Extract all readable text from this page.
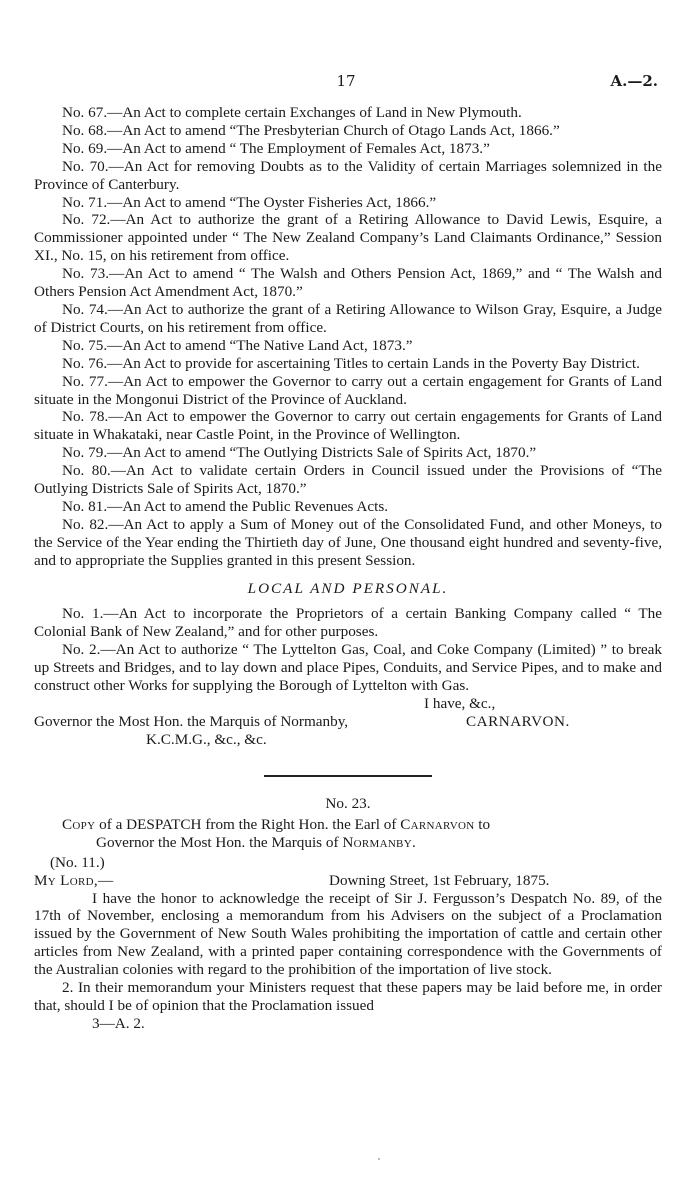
17	A.—2.

No. 67.—An Act to complete certain Exchanges of Land in New Plymouth.

No. 68.—An Act to amend “The Presbyterian Church of Otago Lands Act, 1866.”

No. 69.—An Act to amend “ The Employment of Females Act, 1873.”

No. 70.—An Act for removing Doubts as to the Validity of certain Marriages solemnized in the Province of Canterbury.

No. 71.—An Act to amend “The Oyster Fisheries Act, 1866.”

No. 72.—An Act to authorize the grant of a Retiring Allowance to David Lewis, Esquire, a Commissioner appointed under “ The New Zealand Company’s Land Claimants Ordinance,” Session XI., No. 15, on his retirement from office.

No. 73.—An Act to amend “ The Walsh and Others Pension Act, 1869,” and “ The Walsh and Others Pension Act Amendment Act, 1870.”

No. 74.—An Act to authorize the grant of a Retiring Allowance to Wilson Gray, Esquire, a Judge of District Courts, on his retirement from office.

No. 75.—An Act to amend “The Native Land Act, 1873.”

No. 76.—An Act to provide for ascertaining Titles to certain Lands in the Poverty Bay District.

No. 77.—An Act to empower the Governor to carry out a certain engagement for Grants of Land situate in the Mongonui District of the Province of Auckland.

No. 78.—An Act to empower the Governor to carry out certain engagements for Grants of Land situate in Whakataki, near Castle Point, in the Province of Wellington.

No. 79.—An Act to amend “The Outlying Districts Sale of Spirits Act, 1870.”

No. 80.—An Act to validate certain Orders in Council issued under the Provisions of “The Outlying Districts Sale of Spirits Act, 1870.”

No. 81.—An Act to amend the Public Revenues Acts.

No. 82.—An Act to apply a Sum of Money out of the Consolidated Fund, and other Moneys, to the Service of the Year ending the Thirtieth day of June, One thousand eight hundred and seventy-five, and to appropriate the Supplies granted in this present Session.

LOCAL AND PERSONAL.

No. 1.—An Act to incorporate the Proprietors of a certain Banking Company called “ The Colonial Bank of New Zealand,” and for other purposes.

No. 2.—An Act to authorize “ The Lyttelton Gas, Coal, and Coke Company (Limited) ” to break up Streets and Bridges, and to lay down and place Pipes, Conduits, and Service Pipes, and to make and construct other Works for supplying the Borough of Lyttelton with Gas.

I have, &c.,
Governor the Most Hon. the Marquis of Normanby,	CARNARVON.
K.C.M.G., &c., &c.
No. 23.

Copy of a DESPATCH from the Right Hon. the Earl of Carnarvon to

Governor the Most Hon. the Marquis of Normanby.

(No. 11.)

My Lord,—	Downing Street, 1st February, 1875.

I have the honor to acknowledge the receipt of Sir J. Fergusson’s Despatch No. 89, of the 17th of November, enclosing a memorandum from his Advisers on the subject of a Proclamation issued by the Government of New South Wales prohibiting the importation of cattle and certain other articles from New Zealand, with a printed paper containing correspondence with the Governments of the Australian colonies with regard to the prohibition of the importation of live stock.

2. In their memorandum your Ministers request that these papers may be laid before me, in order that, should I be of opinion that the Proclamation issued

3—A. 2.
